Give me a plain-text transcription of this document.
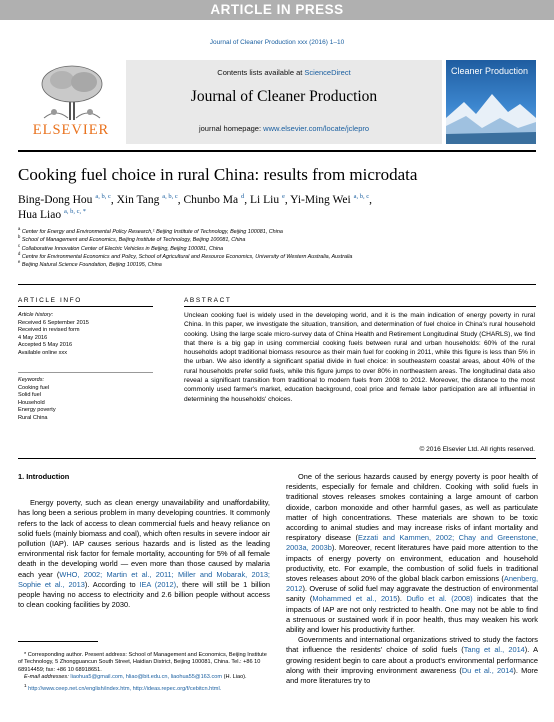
ARTICLE IN PRESS
Journal of Cleaner Production xxx (2016) 1–10
ELSEVIER
Contents lists available at ScienceDirect
Journal of Cleaner Production
journal homepage: www.elsevier.com/locate/jclepro
Cleaner Production
Cooking fuel choice in rural China: results from microdata
Bing-Dong Hou $^{a, b, c}$, Xin Tang $^{a, b, c}$, Chunbo Ma $^d$, Li Liu $^e$, Yi-Ming Wei $^{a, b, c}$,
Hua Liao $^{a, b, c, *}$
$^a$ Center for Energy and Environmental Policy Research,¹ Beijing Institute of Technology, Beijing 100081, China
$^b$ School of Management and Economics, Beijing Institute of Technology, Beijing 100081, China
$^c$ Collaborative Innovation Center of Electric Vehicles in Beijing, Beijing 100081, China
$^d$ Centre for Environmental Economics and Policy, School of Agricultural and Resource Economics, University of Western Australia, Australia
$^e$ Beijing Natural Science Foundation, Beijing 100195, China
ARTICLE INFO	ABSTRACT
Article history:
Received 6 September 2015
Received in revised form
4 May 2016
Accepted 5 May 2016
Available online xxx
Keywords:
Cooking fuel
Solid fuel
Household
Energy poverty
Rural China
Unclean cooking fuel is widely used in the developing world, and it is the main indication of energy poverty in rural China. In this paper, we investigate the situation, transition, and determination of fuel choice in China's rural household cooking. Using the large scale micro-survey data of China Health and Retirement Longitudinal Study (CHARLS), we find that there is a big gap in using commercial cooking fuels between rural and urban households: 60% of the rural households adopt traditional biomass resource as their main fuel for cooking in 2011, while this figure is less than 5% in the urban. We also identify a significant spatial divide in fuel choice: in southeastern coastal areas, about 40% of the rural households prefer solid fuels, while this figure jumps to over 80% in northeastern areas. The longitudinal data also reveal a significant transition from traditional to modern fuels from 2008 to 2012. Moreover, the distance to the most commonly used farmer's market, education background, coal price and female labor participation are all influential in determining the households' choices.
© 2016 Elsevier Ltd. All rights reserved.

1. Introduction

Energy poverty, such as clean energy unavailability and unaffordability, has long been a serious problem in many developing countries. It commonly refers to the lack of access to clean commercial fuels and heavy reliance on solid fuels (mainly biomass and coal), which often results in severe indoor air pollution (IAP). IAP causes serious hazards and is listed as the leading environmental risk factor for female mortality, accounting for 5% of all female death in the developing world — even more than those caused by malaria each year (WHO, 2002; Martin et al., 2011; Miller and Mobarak, 2013; Sophie et al., 2013). According to IEA (2012), there will still be 1 billion people having no access to electricity and 2.6 billion people without access to clean cooking facilities by 2030.

One of the serious hazards caused by energy poverty is poor health of residents, especially for female and children. Cooking with solid fuels in traditional stoves releases smokes containing a large amount of carbon dioxide, carbon monoxide and other harmful gases, as well as particulate matter of high concentrations. These materials are shown to be toxic according to animal studies and may increase risks of infant mortality and respiratory disease (Ezzati and Kammen, 2002; Chay and Greenstone, 2003a, 2003b). Moreover, recent literatures have paid more attention to the impacts of energy poverty on environment, education and household productivity, etc. For example, the combustion of solid fuels in traditional stoves releases about 20% of the global black carbon emissions (Anenberg, 2012). Overuse of solid fuel may aggravate the destruction of environmental sanity (Mohammed et al., 2015). Duflo et al. (2008) indicates that the impacts of IAP are not only restricted to health. One may not be able to find a strenuous or sustained work if in poor health, thus may weaken his work ability and lower his productivity further.

Governments and international organizations strived to study the factors that influence the residents' choice of solid fuels (Tang et al., 2014). A growing resident begin to care about a product's environmental performance along with their improving environment awareness (Du et al., 2014). More and more literatures try to

* Corresponding author. Present address: School of Management and Economics, Beijing Institute of Technology, 5 Zhongguancun South Street, Haidian District, Beijing 100081, China. Tel.: +86 10 68914459; fax: +86 10 68918651.

E-mail addresses: liaohua5@gmail.com, hliao@bit.edu.cn, liaohua55@163.com (H. Liao).

$^1$ http://www.ceep.net.cn/english/index.htm, http://ideas.repec.org/f/cebitcn.html.
